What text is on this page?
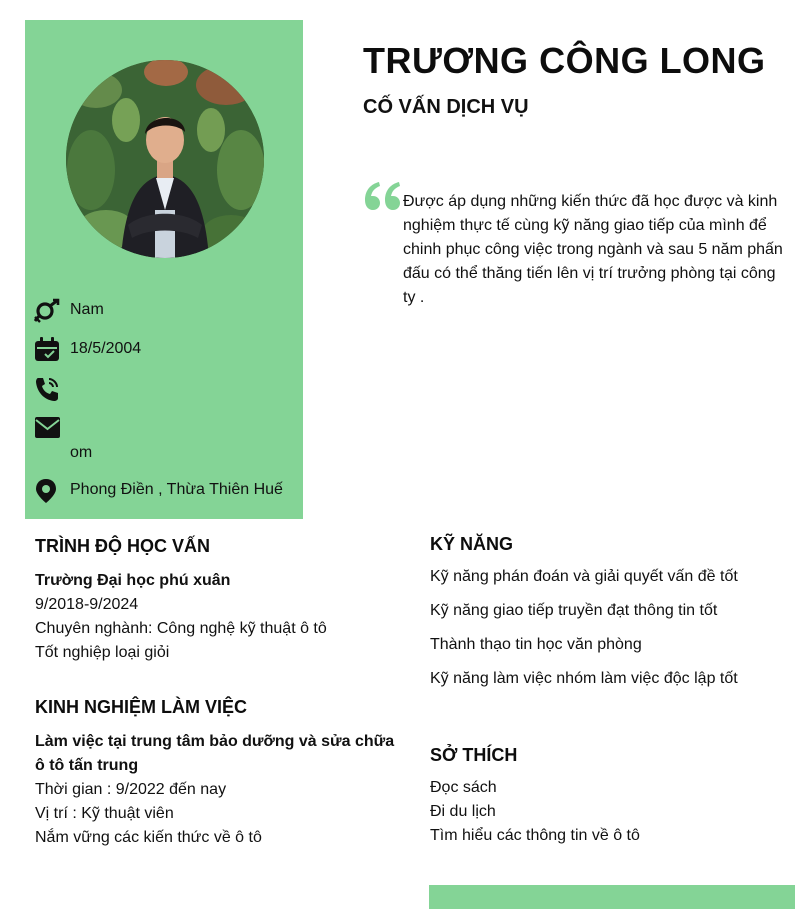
Nam
18/5/2004
om
Phong Điền , Thừa Thiên Huế
TRƯƠNG CÔNG LONG
CỐ VẤN DỊCH VỤ

Được áp dụng những kiến thức đã học được và kinh nghiệm thực tế cùng kỹ năng giao tiếp của mình để chinh phục công việc trong ngành và sau 5 năm phấn đấu có thể thăng tiến lên vị trí trưởng phòng tại công ty .

TRÌNH ĐỘ HỌC VẤN
Trường Đại học phú xuân
9/2018-9/2024
Chuyên nghành: Công nghệ kỹ thuật ô tô
Tốt nghiệp loại giỏi
KINH NGHIỆM LÀM VIỆC
Làm việc tại trung tâm bảo dưỡng và sửa chữa ô tô tấn trung
Thời gian : 9/2022 đến nay
Vị trí : Kỹ thuật viên
Nắm vững các kiến thức về ô tô
KỸ NĂNG
Kỹ năng phán đoán và giải quyết vấn đề tốt
Kỹ năng giao tiếp truyền đạt thông tin tốt
Thành thạo tin học văn phòng
Kỹ năng làm việc nhóm làm việc độc lập tốt
SỞ THÍCH
Đọc sách
Đi du lịch
Tìm hiểu các thông tin về ô tô
